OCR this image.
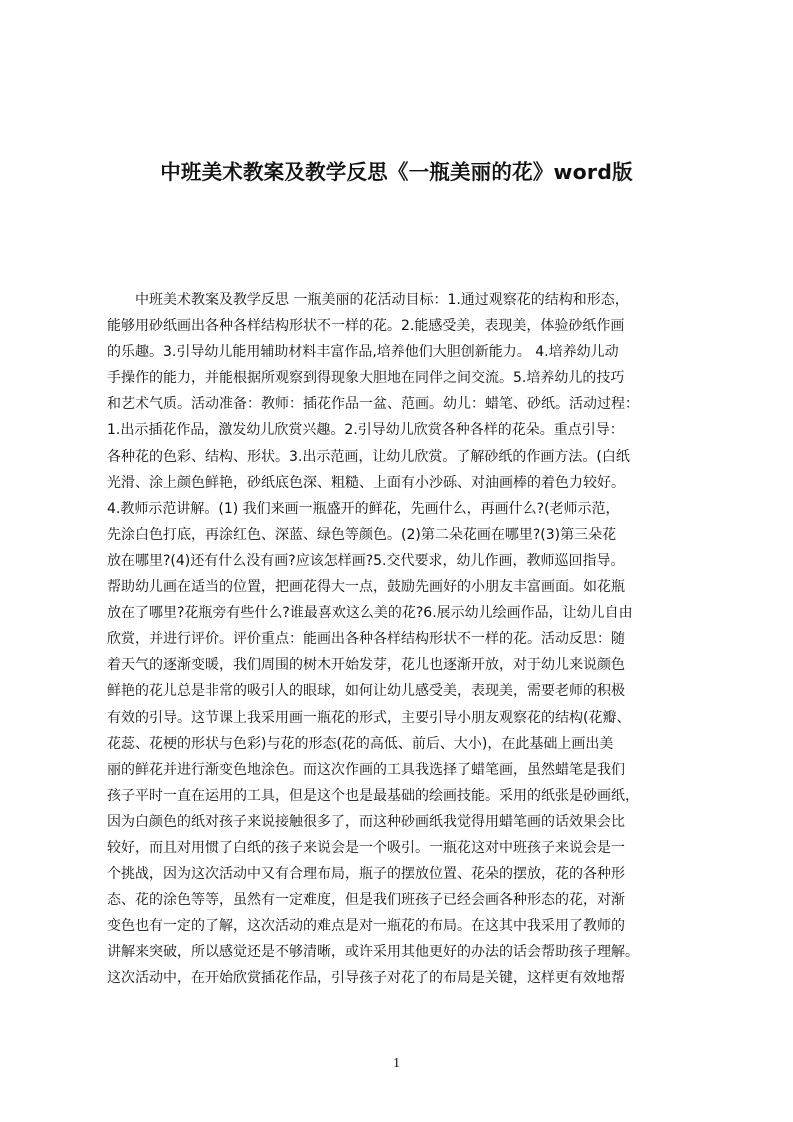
中班美术教案及教学反思《一瓶美丽的花》word版
　　中班美术教案及教学反思 一瓶美丽的花活动目标：1.通过观察花的结构和形态，
能够用砂纸画出各种各样结构形状不一样的花。2.能感受美，表现美，体验砂纸作画
的乐趣。3.引导幼儿能用辅助材料丰富作品,培养他们大胆创新能力。 4.培养幼儿动
手操作的能力，并能根据所观察到得现象大胆地在同伴之间交流。5.培养幼儿的技巧
和艺术气质。活动准备：教师：插花作品一盆、范画。幼儿：蜡笔、砂纸。活动过程：
1.出示插花作品，激发幼儿欣赏兴趣。2.引导幼儿欣赏各种各样的花朵。重点引导：
各种花的色彩、结构、形状。3.出示范画，让幼儿欣赏。了解砂纸的作画方法。(白纸
光滑、涂上颜色鲜艳，砂纸底色深、粗糙、上面有小沙砾、对油画棒的着色力较好。
4.教师示范讲解。(1) 我们来画一瓶盛开的鲜花，先画什么，再画什么?(老师示范，
先涂白色打底，再涂红色、深蓝、绿色等颜色。(2)第二朵花画在哪里?(3)第三朵花
放在哪里?(4)还有什么没有画?应该怎样画?5.交代要求，幼儿作画，教师巡回指导。
帮助幼儿画在适当的位置，把画花得大一点，鼓励先画好的小朋友丰富画面。如花瓶
放在了哪里?花瓶旁有些什么?谁最喜欢这么美的花?6.展示幼儿绘画作品，让幼儿自由
欣赏，并进行评价。评价重点：能画出各种各样结构形状不一样的花。活动反思：随
着天气的逐渐变暖，我们周围的树木开始发芽，花儿也逐渐开放，对于幼儿来说颜色
鲜艳的花儿总是非常的吸引人的眼球，如何让幼儿感受美，表现美，需要老师的积极
有效的引导。这节课上我采用画一瓶花的形式，主要引导小朋友观察花的结构(花瓣、
花蕊、花梗的形状与色彩)与花的形态(花的高低、前后、大小)，在此基础上画出美
丽的鲜花并进行渐变色地涂色。而这次作画的工具我选择了蜡笔画，虽然蜡笔是我们
孩子平时一直在运用的工具，但是这个也是最基础的绘画技能。采用的纸张是砂画纸，
因为白颜色的纸对孩子来说接触很多了，而这种砂画纸我觉得用蜡笔画的话效果会比
较好，而且对用惯了白纸的孩子来说会是一个吸引。一瓶花这对中班孩子来说会是一
个挑战，因为这次活动中又有合理布局，瓶子的摆放位置、花朵的摆放，花的各种形
态、花的涂色等等，虽然有一定难度，但是我们班孩子已经会画各种形态的花，对渐
变色也有一定的了解，这次活动的难点是对一瓶花的布局。在这其中我采用了教师的
讲解来突破，所以感觉还是不够清晰，或许采用其他更好的办法的话会帮助孩子理解。
这次活动中，在开始欣赏插花作品，引导孩子对花了的布局是关键，这样更有效地帮
1
